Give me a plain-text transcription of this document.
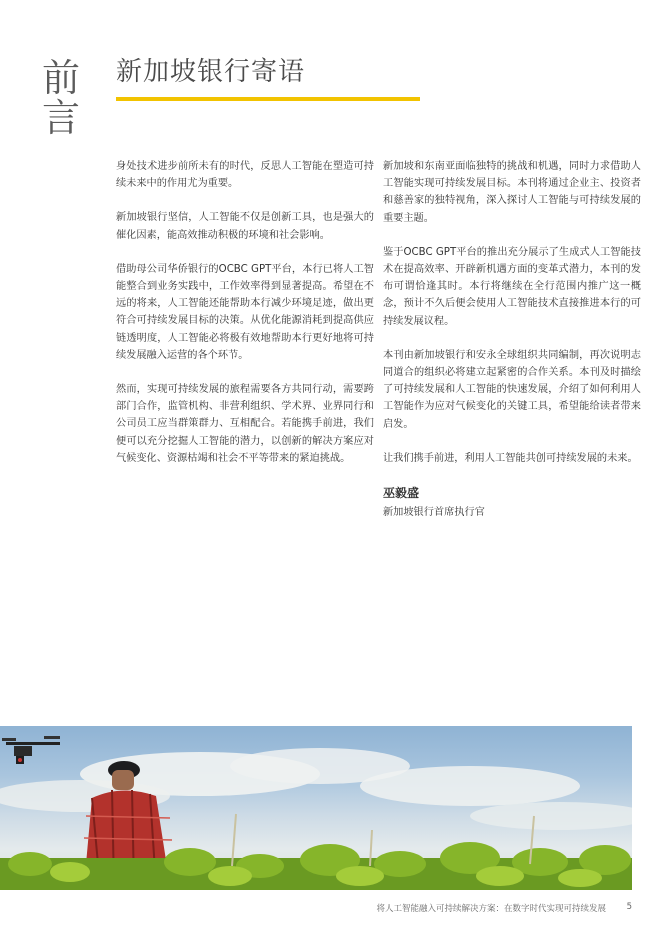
前言
新加坡银行寄语

身处技术进步前所未有的时代，反思人工智能在塑造可持续未来中的作用尤为重要。

新加坡银行坚信，人工智能不仅是创新工具，也是强大的催化因素，能高效推动积极的环境和社会影响。

借助母公司华侨银行的OCBC GPT平台，本行已将人工智能整合到业务实践中，工作效率得到显著提高。希望在不远的将来，人工智能还能帮助本行减少环境足迹，做出更符合可持续发展目标的决策。从优化能源消耗到提高供应链透明度，人工智能必将极有效地帮助本行更好地将可持续发展融入运营的各个环节。

然而，实现可持续发展的旅程需要各方共同行动，需要跨部门合作，监管机构、非营利组织、学术界、业界同行和公司员工应当群策群力、互相配合。若能携手前进，我们便可以充分挖掘人工智能的潜力，以创新的解决方案应对气候变化、资源枯竭和社会不平等带来的紧迫挑战。

新加坡和东南亚面临独特的挑战和机遇，同时力求借助人工智能实现可持续发展目标。本刊将通过企业主、投资者和慈善家的独特视角，深入探讨人工智能与可持续发展的重要主题。

鉴于OCBC GPT平台的推出充分展示了生成式人工智能技术在提高效率、开辟新机遇方面的变革式潜力，本刊的发布可谓恰逢其时。本行将继续在全行范围内推广这一概念，预计不久后便会使用人工智能技术直接推进本行的可持续发展议程。

本刊由新加坡银行和安永全球组织共同编制，再次说明志同道合的组织必将建立起紧密的合作关系。本刊及时描绘了可持续发展和人工智能的快速发展，介绍了如何利用人工智能作为应对气候变化的关键工具，希望能给读者带来启发。

让我们携手前进，利用人工智能共创可持续发展的未来。

巫毅盛
新加坡银行首席执行官
将人工智能融入可持续解决方案：在数字时代实现可持续发展 5
